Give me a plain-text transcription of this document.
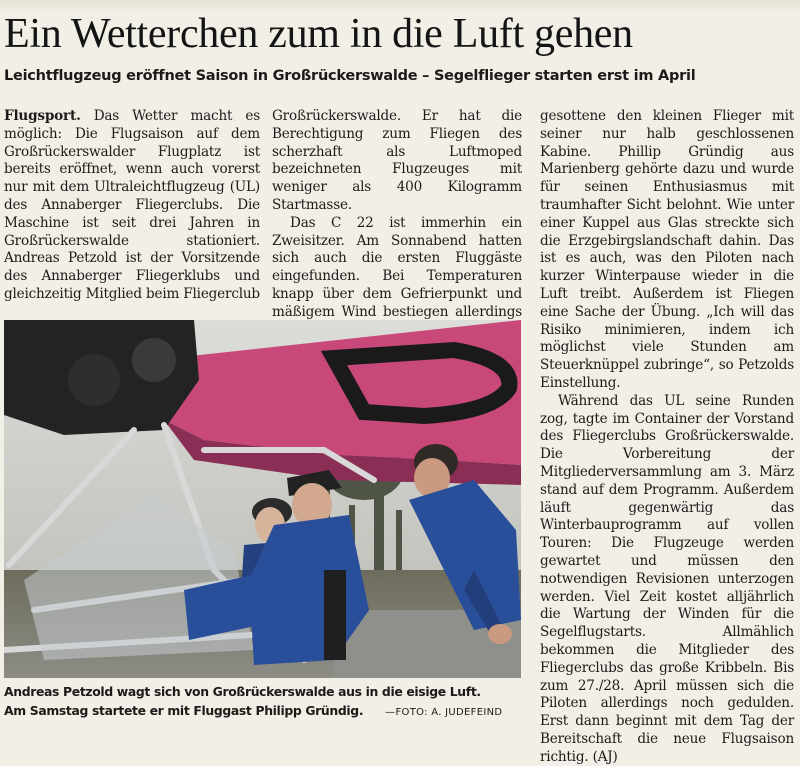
Ein Wetterchen zum in die Luft gehen
Leichtflugzeug eröffnet Saison in Großrückerswalde – Segelflieger starten erst im April

Flugsport. Das Wetter macht es möglich: Die Flugsaison auf dem Großrückerswalder Flugplatz ist bereits eröffnet, wenn auch vorerst nur mit dem Ultraleichtflugzeug (UL) des Annaberger Fliegerclubs. Die Maschine ist seit drei Jahren in Großrückerswalde stationiert. Andreas Petzold ist der Vorsitzende des Annaberger Fliegerklubs und gleichzeitig Mitglied beim Fliegerclub

Großrückerswalde. Er hat die Berechtigung zum Fliegen des scherzhaft als Luftmoped bezeichneten Flugzeuges mit weniger als 400 Kilogramm Startmasse.

Das C 22 ist immerhin ein Zweisitzer. Am Sonnabend hatten sich auch die ersten Fluggäste eingefunden. Bei Temperaturen knapp über dem Gefrierpunkt und mäßigem Wind bestiegen allerdings

gesottene den kleinen Flieger mit seiner nur halb geschlossenen Kabine. Phillip Gründig aus Marienberg gehörte dazu und wurde für seinen Enthusiasmus mit traumhafter Sicht belohnt. Wie unter einer Kuppel aus Glas streckte sich die Erzgebirgslandschaft dahin. Das ist es auch, was den Piloten nach kurzer Winterpause wieder in die Luft treibt. Außerdem ist Fliegen eine Sache der Übung. „Ich will das Risiko minimieren, indem ich möglichst viele Stunden am Steuerknüppel zubringe“, so Petzolds Einstellung.

Während das UL seine Runden zog, tagte im Container der Vorstand des Fliegerclubs Großrückerswalde. Die Vorbereitung der Mitgliederversammlung am 3. März stand auf dem Programm. Außerdem läuft gegenwärtig das Winterbauprogramm auf vollen Touren: Die Flugzeuge werden gewartet und müssen den notwendigen Revisionen unterzogen werden. Viel Zeit kostet alljährlich die Wartung der Winden für die Segelflugstarts. Allmählich bekommen die Mitglieder des Fliegerclubs das große Kribbeln. Bis zum 27./28. April müssen sich die Piloten allerdings noch gedulden. Erst dann beginnt mit dem Tag der Bereitschaft die neue Flugsaison richtig. (AJ)

Andreas Petzold wagt sich von Großrückerswalde aus in die eisige Luft.
Am Samstag startete er mit Fluggast Philipp Gründig. —FOTO: A. JUDEFEIND
